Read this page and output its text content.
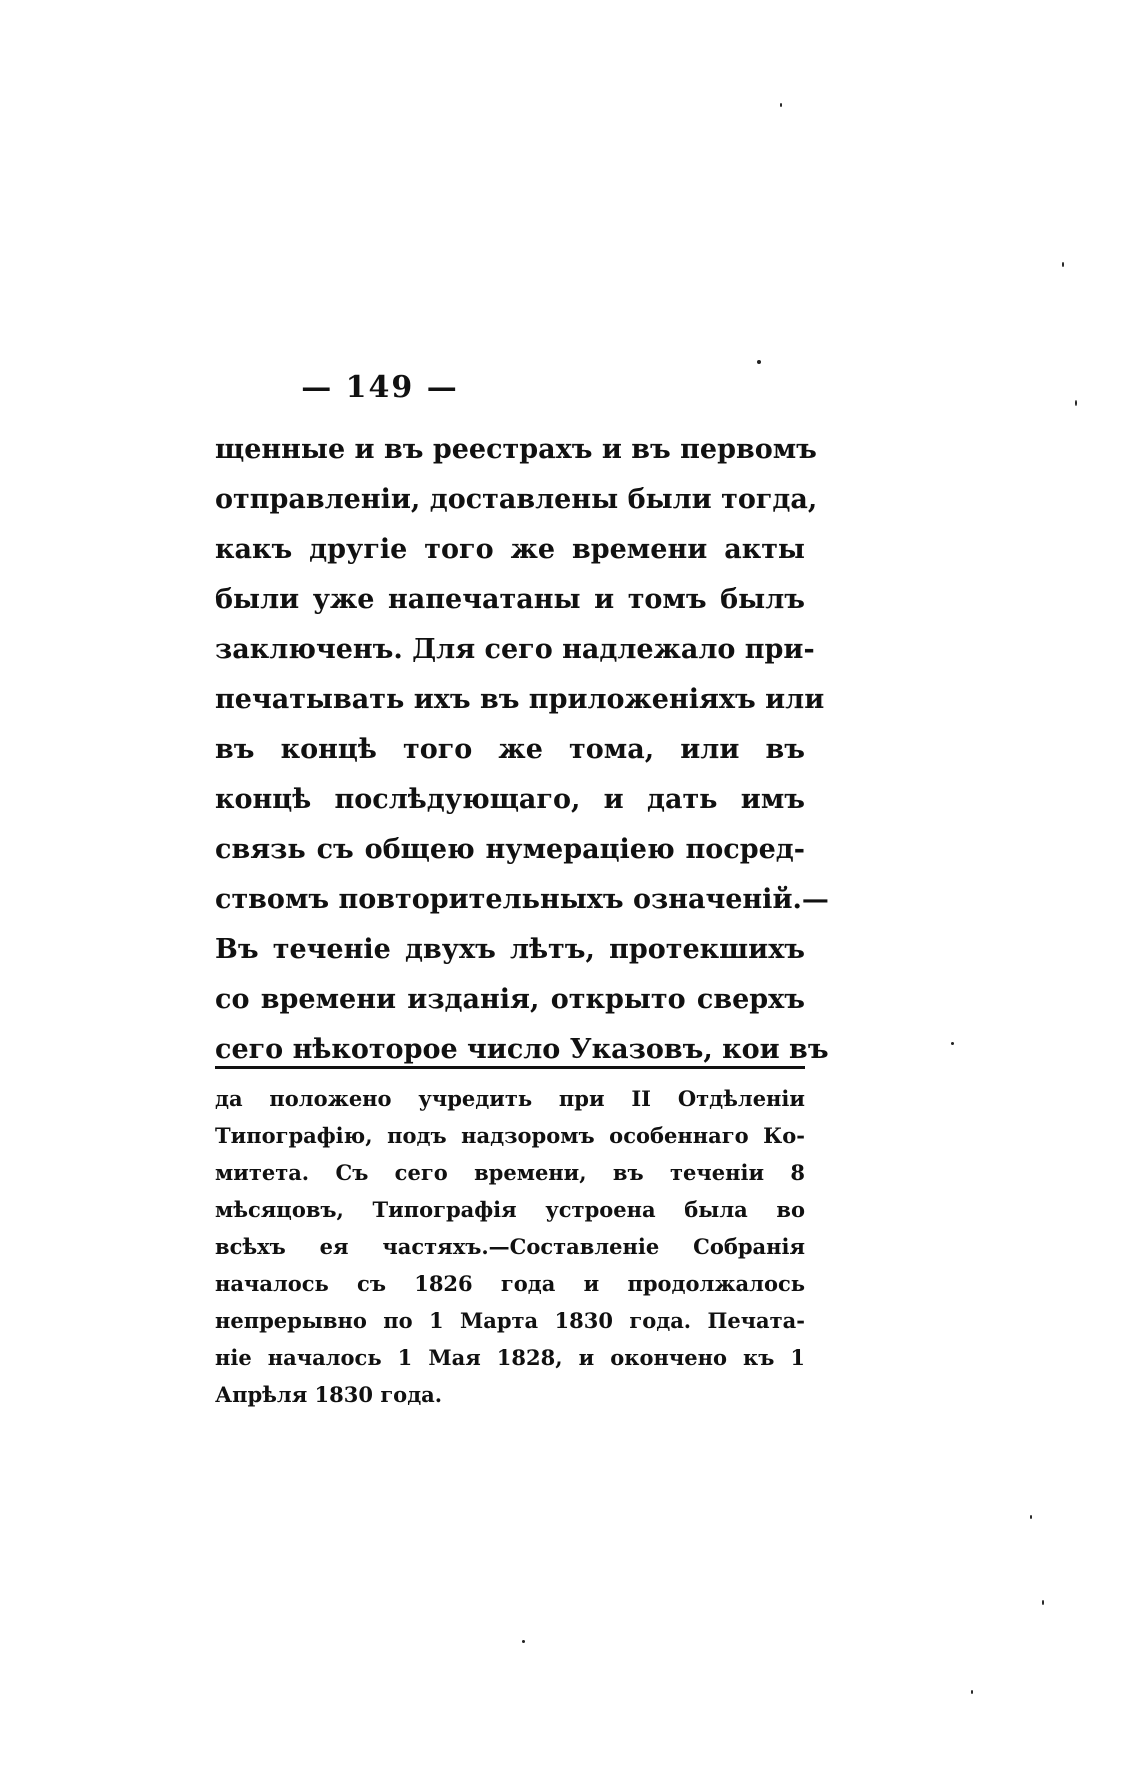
— 149 —
щенные и въ реестрахъ и въ первомъ
отправленіи, доставлены были тогда,
какъ другіе того же времени акты
были уже напечатаны и томъ былъ
заключенъ. Для сего надлежало при-
печатывать ихъ въ приложеніяхъ или
въ концѣ того же тома, или въ
концѣ послѣдующаго, и дать имъ
связь съ общею нумераціею посред-
ствомъ повторительныхъ означеній.—
Въ теченіе двухъ лѣтъ, протекшихъ
со времени изданія, открыто сверхъ
сего нѣкоторое число Указовъ, кои въ
да положено учредить при II Отдѣленіи
Типографію, подъ надзоромъ особеннаго Ко-
митета. Съ сего времени, въ теченіи 8
мѣсяцовъ, Типографія устроена была во
всѣхъ ея частяхъ.—Составленіе Собранія
началось съ 1826 года и продолжалось
непрерывно по 1 Марта 1830 года. Печата-
ніе началось 1 Мая 1828, и окончено къ 1
Апрѣля 1830 года.
